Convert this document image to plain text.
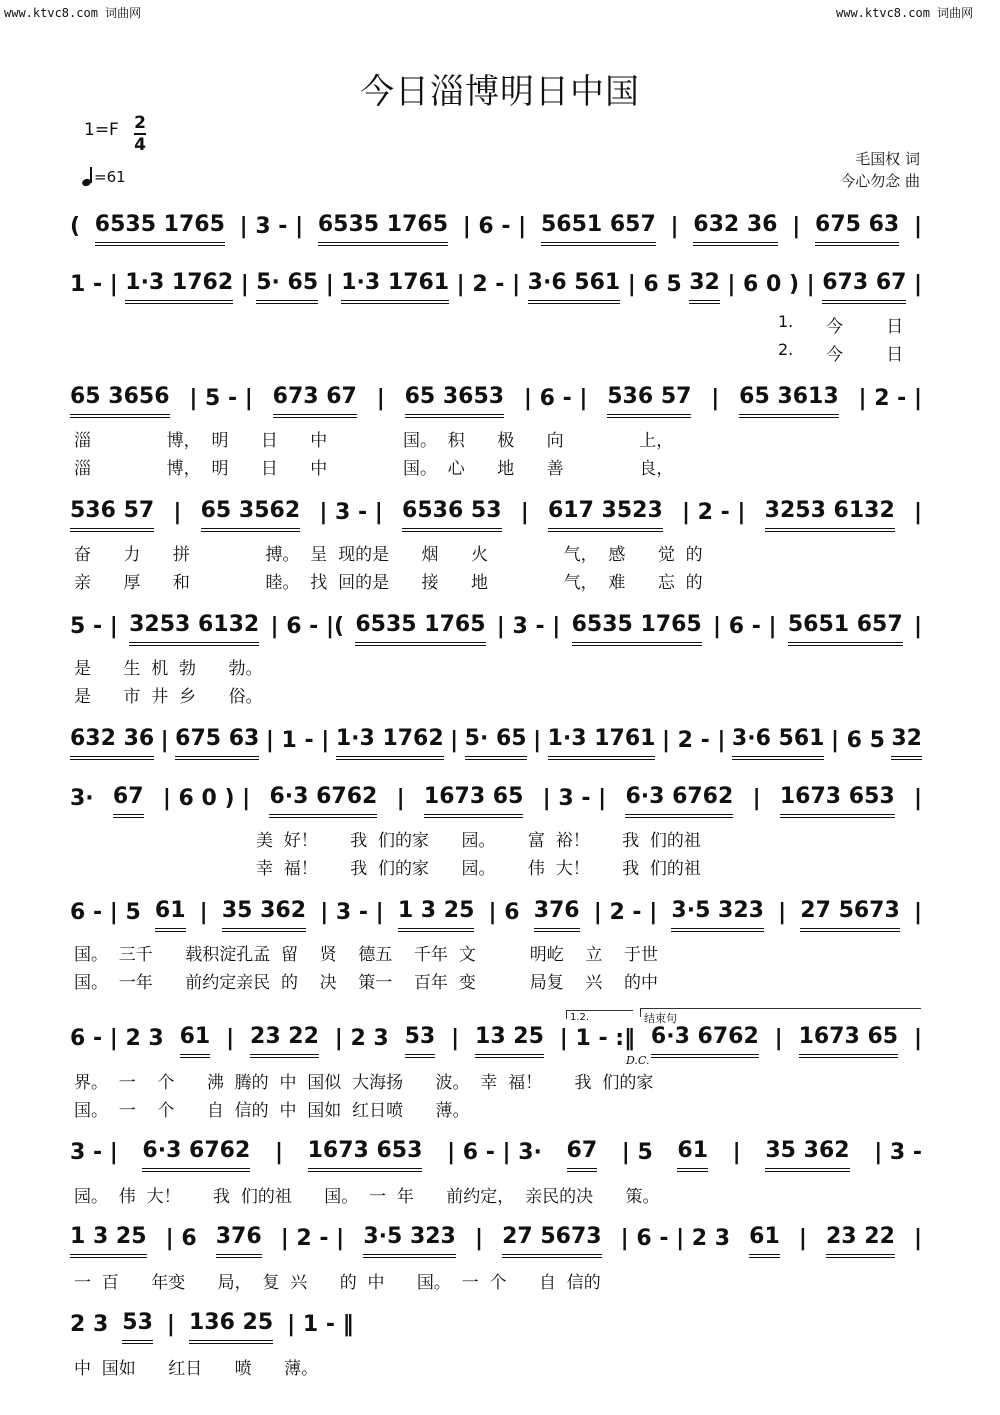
www.ktvc8.com 词曲网	www.ktvc8.com 词曲网
今日淄博明日中国
1=F 2
4
=61
毛国权 词
今心勿念 曲
( 6535 1765 | 3 - | 6535 1765 | 6 - | 5651 657 | 632 36 | 675 63 |
1 - | 1·3 1762 | 5· 65 | 1·3 1761 | 2 - | 3·6 561 | 6 5 32 | 6 0 ) | 673 67 |
65 3656 | 5 - | 673 67 | 65 3653 | 6 - | 536 57 | 65 3613 | 2 - |
536 57 | 65 3562 | 3 - | 6536 53 | 617 3523 | 2 - | 3253 6132 |
5 - | 3253 6132 | 6 - |( 6535 1765 | 3 - | 6535 1765 | 6 - | 5651 657 |
632 36 | 675 63 | 1 - | 1·3 1762 | 5· 65 | 1·3 1761 | 2 - | 3·6 561 | 6 5 32
3· 67 | 6 0 ) | 6·3 6762 | 1673 65 | 3 - | 6·3 6762 | 1673 653 |
6 - | 5 61 | 35 362 | 3 - | 1 3 25 | 6 376 | 2 - | 3·5 323 | 27 5673 |
6 - | 2 3 61 | 23 22 | 2 3 53 | 13 25 | 1 - :‖ 6·3 6762 | 1673 65 |
3 - | 6·3 6762 | 1673 653 | 6 - | 3· 67 | 5 61 | 35 362 | 3 -
1 3 25 | 6 376 | 2 - | 3·5 323 | 27 5673 | 6 - | 2 3 61 | 23 22 |
2 3 53 | 136 25 | 1 - ‖
1.
2.
今        日
今        日
淄              博，  明      日      中              国。  积      极      向              上，
淄              博，  明      日      中              国。  心      地      善              良，
奋      力      拼              搏。  呈  现的是      烟      火              气，  感      觉  的
亲      厚      和              睦。  找  回的是      接      地              气，  难      忘  的
是      生  机  勃      勃。
是      市  井  乡      俗。
美  好！      我  们的家      园。      富  裕！      我  们的祖
幸  福！      我  们的家      园。      伟  大！      我  们的祖
国。  三千      载积淀孔孟  留    贤    德五    千年  文          明屹    立    于世
国。  一年      前约定亲民  的    决    策一    百年  变          局复    兴    的中
界。  一    个      沸  腾的  中  国似  大海扬      波。  幸  福！      我  们的家
国。  一    个      自  信的  中  国如  红日喷      薄。
园。  伟  大！      我  们的祖      国。  一  年      前约定，  亲民的决      策。
一  百      年变      局，  复  兴      的  中      国。  一  个      自  信的
中  国如      红日      喷      薄。
1.2.	结束句
D.C.
